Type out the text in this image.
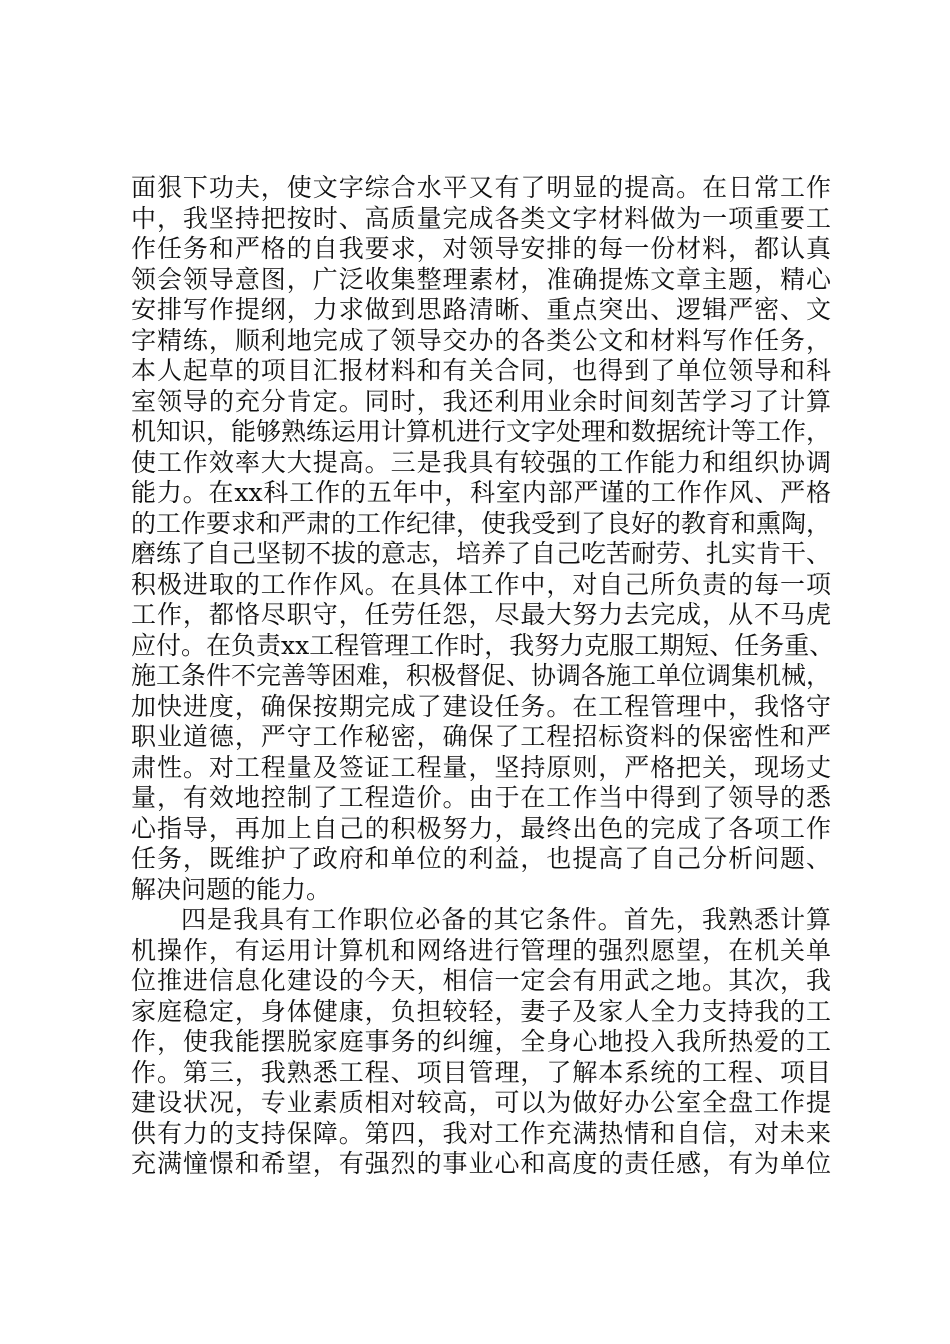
面狠下功夫，使文字综合水平又有了明显的提高。在日常工作
中，我坚持把按时、高质量完成各类文字材料做为一项重要工
作任务和严格的自我要求，对领导安排的每一份材料，都认真
领会领导意图，广泛收集整理素材，准确提炼文章主题，精心
安排写作提纲，力求做到思路清晰、重点突出、逻辑严密、文
字精练，顺利地完成了领导交办的各类公文和材料写作任务，
本人起草的项目汇报材料和有关合同，也得到了单位领导和科
室领导的充分肯定。同时，我还利用业余时间刻苦学习了计算
机知识，能够熟练运用计算机进行文字处理和数据统计等工作，
使工作效率大大提高。三是我具有较强的工作能力和组织协调
能力。在xx科工作的五年中，科室内部严谨的工作作风、严格
的工作要求和严肃的工作纪律，使我受到了良好的教育和熏陶，
磨练了自己坚韧不拔的意志，培养了自己吃苦耐劳、扎实肯干、
积极进取的工作作风。在具体工作中，对自己所负责的每一项
工作，都恪尽职守，任劳任怨，尽最大努力去完成，从不马虎
应付。在负责xx工程管理工作时，我努力克服工期短、任务重、
施工条件不完善等困难，积极督促、协调各施工单位调集机械，
加快进度，确保按期完成了建设任务。在工程管理中，我恪守
职业道德，严守工作秘密，确保了工程招标资料的保密性和严
肃性。对工程量及签证工程量，坚持原则，严格把关，现场丈
量，有效地控制了工程造价。由于在工作当中得到了领导的悉
心指导，再加上自己的积极努力，最终出色的完成了各项工作
任务，既维护了政府和单位的利益，也提高了自己分析问题、
解决问题的能力。
四是我具有工作职位必备的其它条件。首先，我熟悉计算
机操作，有运用计算机和网络进行管理的强烈愿望，在机关单
位推进信息化建设的今天，相信一定会有用武之地。其次，我
家庭稳定，身体健康，负担较轻，妻子及家人全力支持我的工
作，使我能摆脱家庭事务的纠缠，全身心地投入我所热爱的工
作。第三，我熟悉工程、项目管理，了解本系统的工程、项目
建设状况，专业素质相对较高，可以为做好办公室全盘工作提
供有力的支持保障。第四，我对工作充满热情和自信，对未来
充满憧憬和希望，有强烈的事业心和高度的责任感，有为单位
